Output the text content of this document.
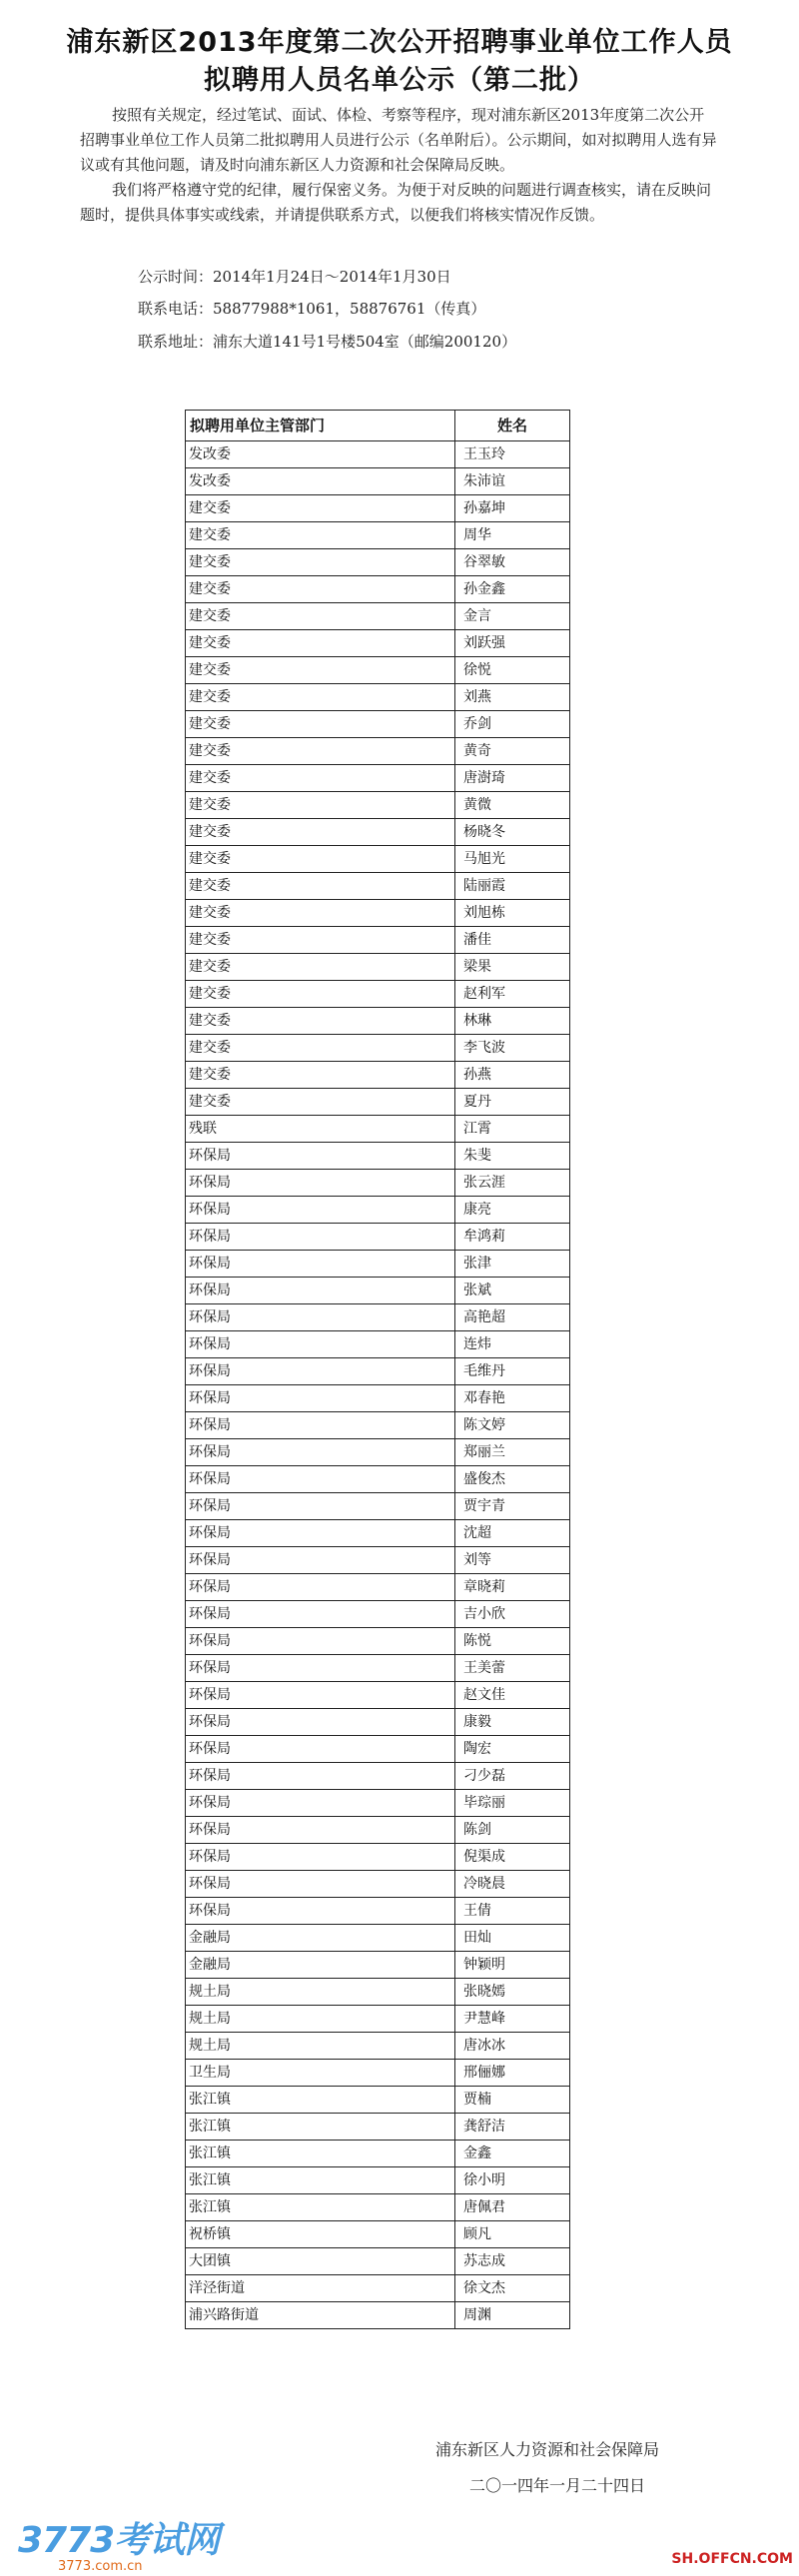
浦东新区2013年度第二次公开招聘事业单位工作人员
拟聘用人员名单公示（第二批）
按照有关规定，经过笔试、面试、体检、考察等程序，现对浦东新区2013年度第二次公开招聘事业单位工作人员第二批拟聘用人员进行公示（名单附后）。公示期间，如对拟聘用人选有异议或有其他问题，请及时向浦东新区人力资源和社会保障局反映。
我们将严格遵守党的纪律，履行保密义务。为便于对反映的问题进行调查核实，请在反映问题时，提供具体事实或线索，并请提供联系方式，以便我们将核实情况作反馈。
公示时间：2014年1月24日～2014年1月30日
联系电话：58877988*1061，58876761（传真）
联系地址：浦东大道141号1号楼504室（邮编200120）
拟聘用单位主管部门	姓名
发改委	王玉玲
发改委	朱沛谊
建交委	孙嘉坤
建交委	周华
建交委	谷翠敏
建交委	孙金鑫
建交委	金言
建交委	刘跃强
建交委	徐悦
建交委	刘燕
建交委	乔剑
建交委	黄奇
建交委	唐澍琦
建交委	黄微
建交委	杨晓冬
建交委	马旭光
建交委	陆丽霞
建交委	刘旭栋
建交委	潘佳
建交委	梁果
建交委	赵利军
建交委	林琳
建交委	李飞波
建交委	孙燕
建交委	夏丹
残联	江霄
环保局	朱斐
环保局	张云涯
环保局	康亮
环保局	牟鸿莉
环保局	张津
环保局	张斌
环保局	高艳超
环保局	连炜
环保局	毛维丹
环保局	邓春艳
环保局	陈文婷
环保局	郑丽兰
环保局	盛俊杰
环保局	贾宇青
环保局	沈超
环保局	刘等
环保局	章晓莉
环保局	吉小欣
环保局	陈悦
环保局	王美蕾
环保局	赵文佳
环保局	康毅
环保局	陶宏
环保局	刁少磊
环保局	毕琮丽
环保局	陈剑
环保局	倪渠成
环保局	冷晓晨
环保局	王倩
金融局	田灿
金融局	钟颖明
规土局	张晓嫣
规土局	尹慧峰
规土局	唐冰冰
卫生局	邢俪娜
张江镇	贾楠
张江镇	龚舒洁
张江镇	金鑫
张江镇	徐小明
张江镇	唐佩君
祝桥镇	顾凡
大团镇	苏志成
洋泾街道	徐文杰
浦兴路街道	周渊
浦东新区人力资源和社会保障局
二〇一四年一月二十四日
3773考试网
3773.com.cn	SH.OFFCN.COM
